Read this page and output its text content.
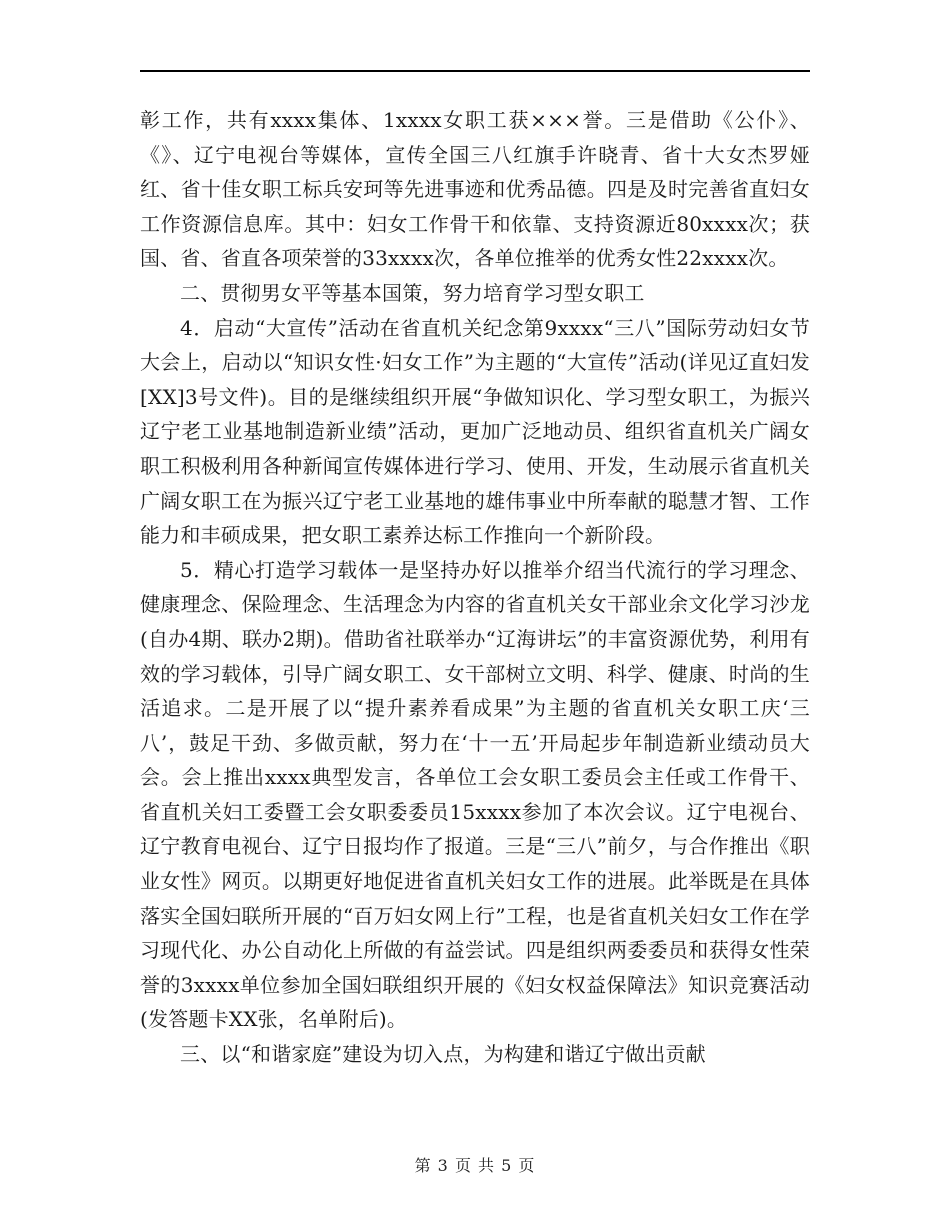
彰工作，共有xxxx集体、1xxxx女职工获×××誉。三是借助《公仆》、《》、辽宁电视台等媒体，宣传全国三八红旗手许晓青、省十大女杰罗娅红、省十佳女职工标兵安珂等先进事迹和优秀品德。四是及时完善省直妇女工作资源信息库。其中：妇女工作骨干和依靠、支持资源近80xxxx次；获国、省、省直各项荣誉的33xxxx次，各单位推举的优秀女性22xxxx次。

二、贯彻男女平等基本国策，努力培育学习型女职工

4．启动“大宣传”活动在省直机关纪念第9xxxx“三八”国际劳动妇女节大会上，启动以“知识女性·妇女工作”为主题的“大宣传”活动(详见辽直妇发[XX]3号文件)。目的是继续组织开展“争做知识化、学习型女职工，为振兴辽宁老工业基地制造新业绩”活动，更加广泛地动员、组织省直机关广阔女职工积极利用各种新闻宣传媒体进行学习、使用、开发，生动展示省直机关广阔女职工在为振兴辽宁老工业基地的雄伟事业中所奉献的聪慧才智、工作能力和丰硕成果，把女职工素养达标工作推向一个新阶段。

5．精心打造学习载体一是坚持办好以推举介绍当代流行的学习理念、健康理念、保险理念、生活理念为内容的省直机关女干部业余文化学习沙龙(自办4期、联办2期)。借助省社联举办“辽海讲坛”的丰富资源优势，利用有效的学习载体，引导广阔女职工、女干部树立文明、科学、健康、时尚的生活追求。二是开展了以“提升素养看成果”为主题的省直机关女职工庆‘三八’，鼓足干劲、多做贡献，努力在‘十一五’开局起步年制造新业绩动员大会。会上推出xxxx典型发言，各单位工会女职工委员会主任或工作骨干、省直机关妇工委暨工会女职委委员15xxxx参加了本次会议。辽宁电视台、辽宁教育电视台、辽宁日报均作了报道。三是“三八”前夕，与合作推出《职业女性》网页。以期更好地促进省直机关妇女工作的进展。此举既是在具体落实全国妇联所开展的“百万妇女网上行”工程，也是省直机关妇女工作在学习现代化、办公自动化上所做的有益尝试。四是组织两委委员和获得女性荣誉的3xxxx单位参加全国妇联组织开展的《妇女权益保障法》知识竞赛活动(发答题卡XX张，名单附后)。

三、以“和谐家庭”建设为切入点，为构建和谐辽宁做出贡献

第 3 页 共 5 页
